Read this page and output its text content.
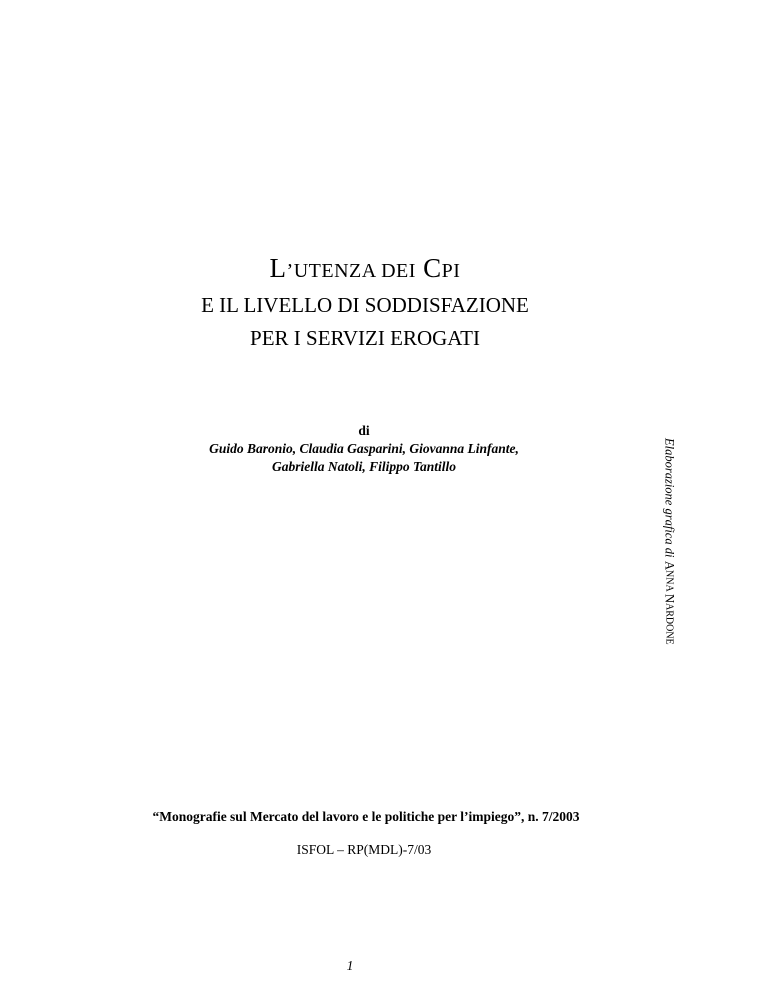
L’UTENZA DEI CPI
E IL LIVELLO DI SODDISFAZIONE
PER I SERVIZI EROGATI
di
Guido Baronio, Claudia Gasparini, Giovanna Linfante,
Gabriella Natoli, Filippo Tantillo	Elaborazione grafica di

A
NNA

N
ARDONE
“Monografie sul Mercato del lavoro e le politiche per l’impiego”, n. 7/2003
ISFOL – RP(MDL)-7/03
1
